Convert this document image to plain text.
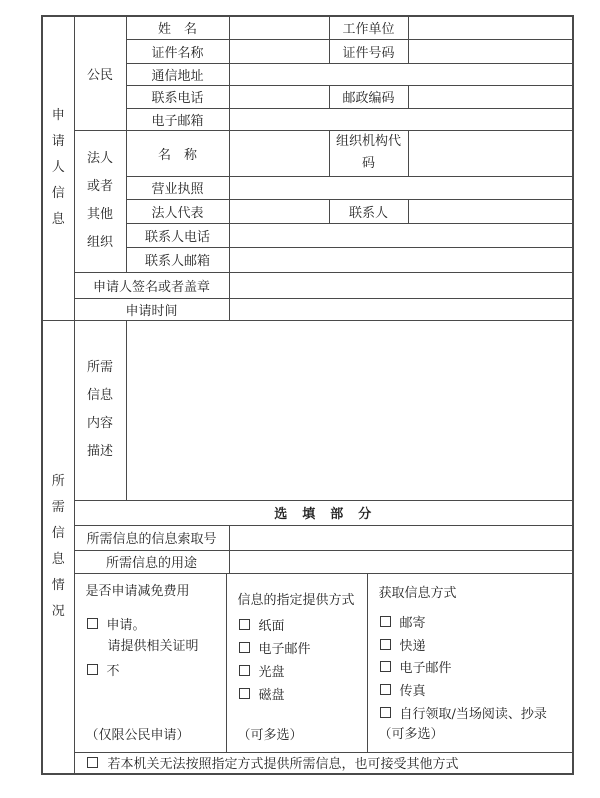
申
请
人
信
息	公民	姓　名		工作单位	
		证件名称		证件号码	
		通信地址			
		联系电话		邮政编码	
		电子邮箱			
	法人或者其他组织	名　称		组织机构代码	
		营业执照			
		法人代表		联系人	
		联系人电话			
		联系人邮箱			
	申请人签名或者盖章				
	申请时间				

所
需
信
息
情
况
	所需信息内容描述	
	选　填　部　分				
	所需信息的信息索取号				
	所需信息的用途				

是否申请减免费用
申请。
请提供相关证明
不
（仅限公民申请）
信息的指定提供方式
纸面
电子邮件
光盘
磁盘
（可多选）
获取信息方式
邮寄
快递
电子邮件
传真
自行领取/当场阅读、抄录
（可多选）

	若本机关无法按照指定方式提供所需信息，也可接受其他方式				
